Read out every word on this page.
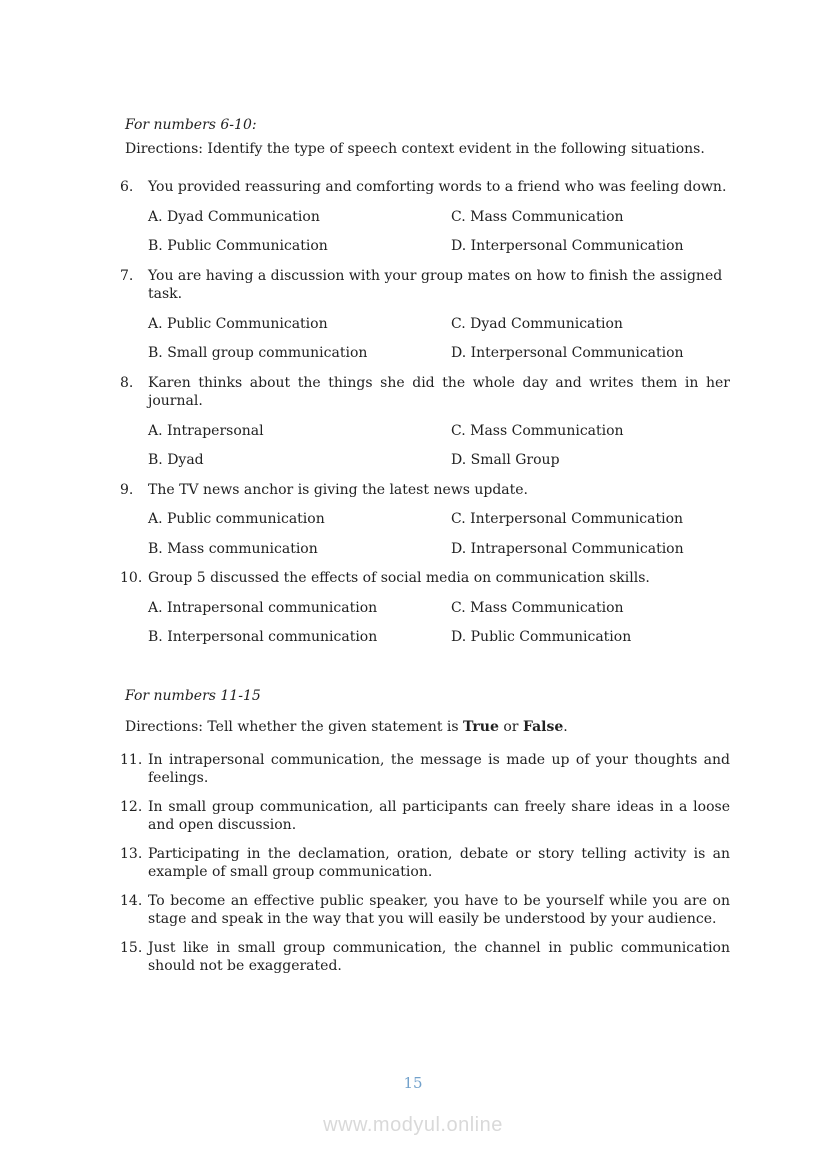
For numbers 6-10:

Directions: Identify the type of speech context evident in the following situations.

6. You provided reassuring and comforting words to a friend who was feeling down.

A. Dyad Communication	C. Mass Communication

B. Public Communication	D. Interpersonal Communication

7. You are having a discussion with your group mates on how to finish the assigned task.

A. Public Communication	C. Dyad Communication

B. Small group communication	D. Interpersonal Communication

8. Karen thinks about the things she did the whole day and writes them in her journal.

A. Intrapersonal	C. Mass Communication

B. Dyad	D. Small Group

9. The TV news anchor is giving the latest news update.

A. Public communication	C. Interpersonal Communication

B. Mass communication	D. Intrapersonal Communication

10. Group 5 discussed the effects of social media on communication skills.

A. Intrapersonal communication	C. Mass Communication

B. Interpersonal communication	D. Public Communication

For numbers 11-15

Directions: Tell whether the given statement is True or False.

11. In intrapersonal communication, the message is made up of your thoughts and feelings.

12. In small group communication, all participants can freely share ideas in a loose and open discussion.

13. Participating in the declamation, oration, debate or story telling activity is an example of small group communication.

14. To become an effective public speaker, you have to be yourself while you are on stage and speak in the way that you will easily be understood by your audience.

15. Just like in small group communication, the channel in public communication should not be exaggerated.

15

www.modyul.online
